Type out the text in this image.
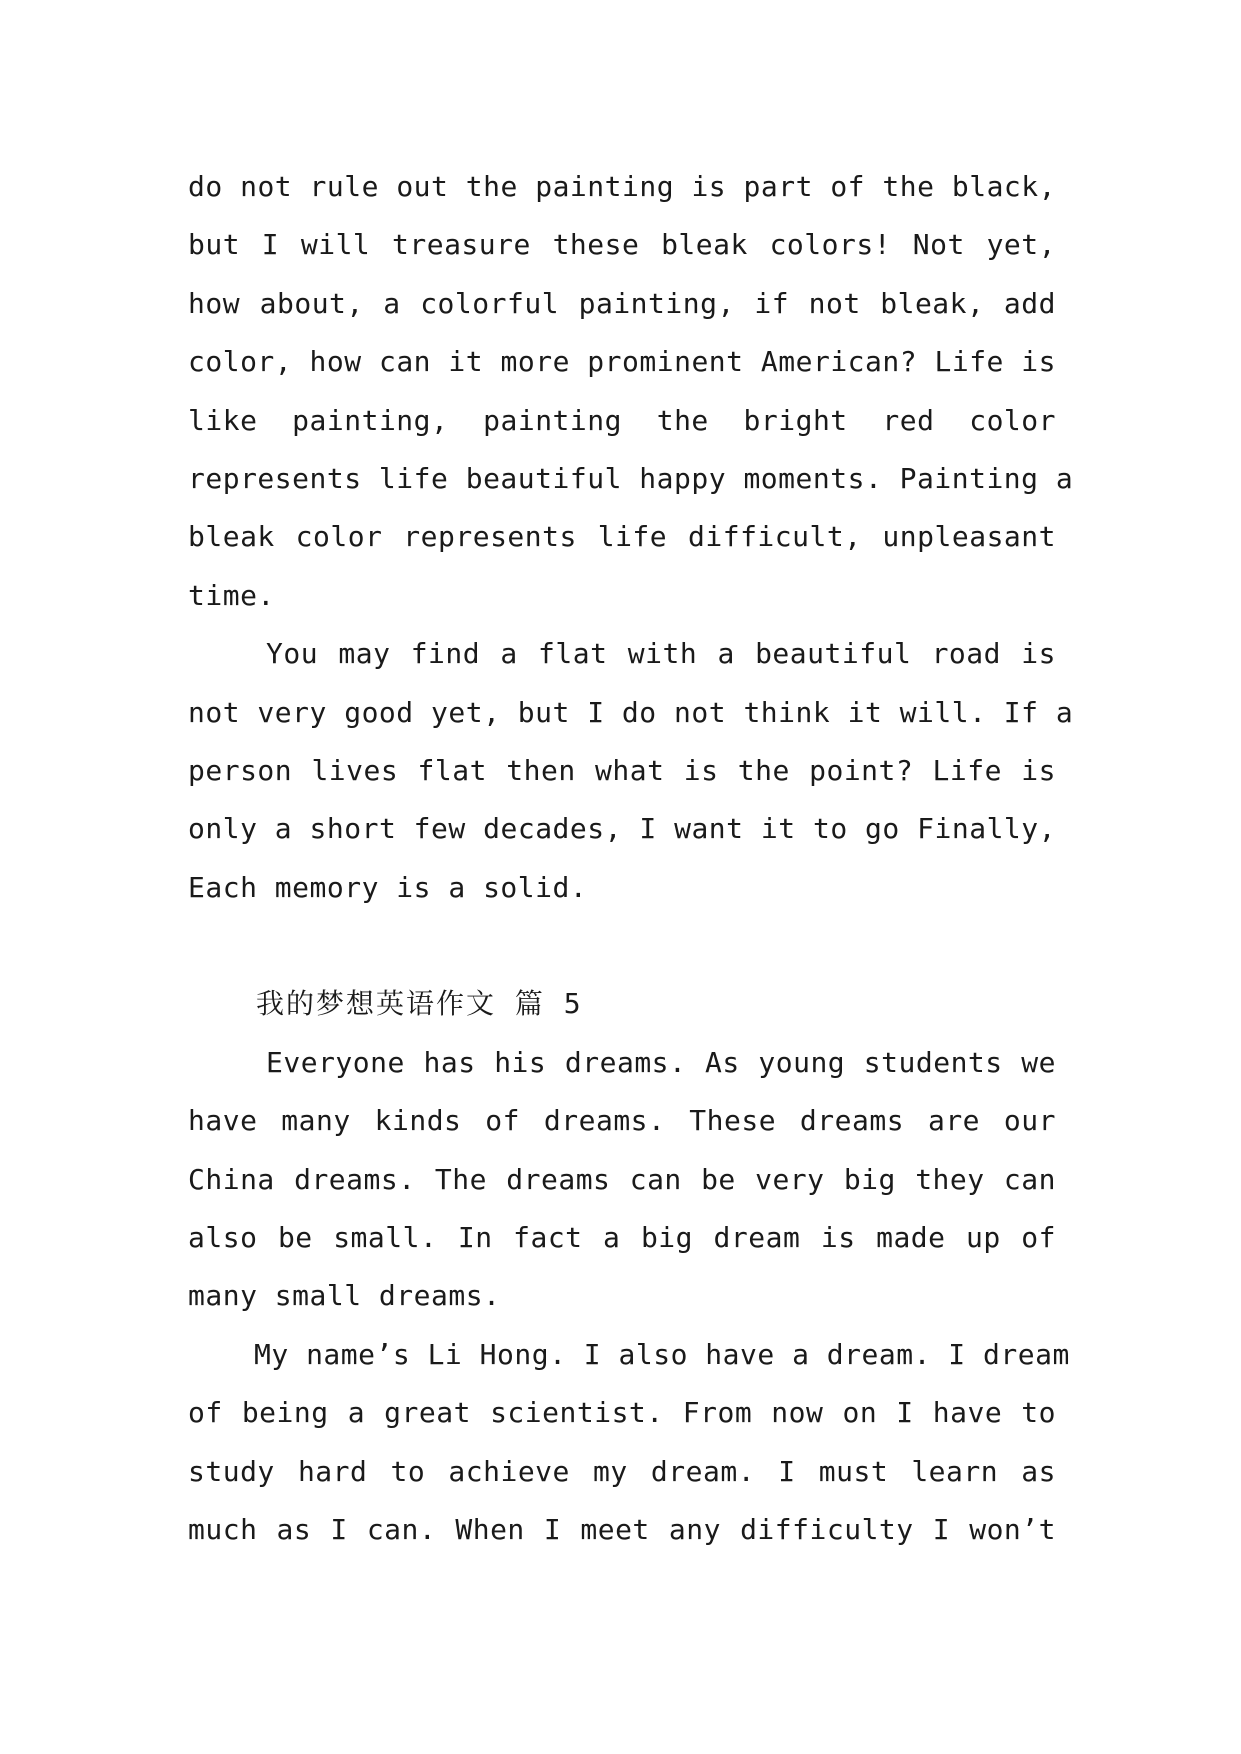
do not rule out the painting is part of the black,
but I will treasure these bleak colors! Not yet,
how about, a colorful painting, if not bleak, add
color, how can it more prominent American? Life is
like painting, painting the bright red color
represents life beautiful happy moments. Painting a
bleak color represents life difficult, unpleasant
time.
You may find a flat with a beautiful road is
not very good yet, but I do not think it will. If a
person lives flat then what is the point? Life is
only a short few decades, I want it to go Finally,
Each memory is a solid.
我的梦想英语作文 篇 5
Everyone has his dreams. As young students we
have many kinds of dreams. These dreams are our
China dreams. The dreams can be very big they can
also be small. In fact a big dream is made up of
many small dreams.
My name’s Li Hong. I also have a dream. I dream
of being a great scientist. From now on I have to
study hard to achieve my dream. I must learn as
much as I can. When I meet any difficulty I won’t
